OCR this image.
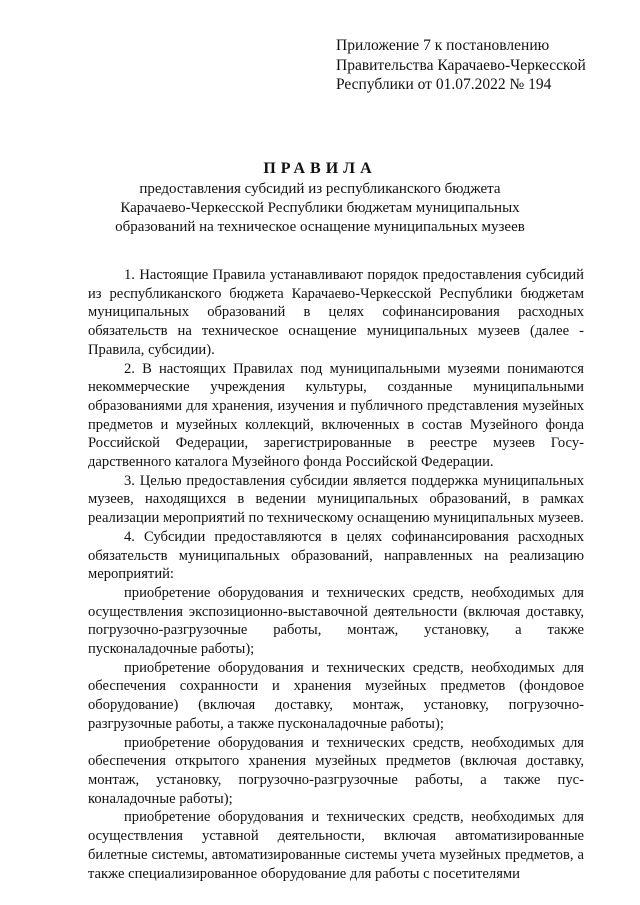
Приложение 7 к постановлению
Правительства Карачаево-Черкесской
Республики от 01.07.2022 № 194
ПРАВИЛА
предоставления субсидий из республиканского бюджета
Карачаево-Черкесской Республики бюджетам муниципальных
образований на техническое оснащение муниципальных музеев

1. Настоящие Правила устанавливают порядок предоставления субсидий из республиканского бюджета Карачаево-Черкесской Республики бюджетам муниципальных образований в целях софинансирования расходных обязательств на техническое оснащение муниципальных музеев (далее - Правила, субсидии).

2. В настоящих Правилах под муниципальными музеями понимаются некоммерческие учреждения культуры, созданные муниципальными образованиями для хранения, изучения и публичного представления музейных предметов и музейных коллекций, включенных в состав Музейного фонда Российской Федерации, зарегистрированные в реестре музеев Государственного каталога Музейного фонда Российской Федерации.

3. Целью предоставления субсидии является поддержка муниципальных музеев, находящихся в ведении муниципальных образований, в рамках реализации мероприятий по техническому оснащению муниципальных музеев.

4. Субсидии предоставляются в целях софинансирования расходных обязательств муниципальных образований, направленных на реализацию мероприятий:

приобретение оборудования и технических средств, необходимых для осуществления экспозиционно-выставочной деятельности (включая доставку, погрузочно-разгрузочные работы, монтаж, установку, а также пусконаладочные работы);

приобретение оборудования и технических средств, необходимых для обеспечения сохранности и хранения музейных предметов (фондовое оборудование) (включая доставку, монтаж, установку, погрузочно-разгрузочные работы, а также пусконаладочные работы);

приобретение оборудования и технических средств, необходимых для обеспечения открытого хранения музейных предметов (включая доставку, монтаж, установку, погрузочно-разгрузочные работы, а также пусконаладочные работы);

приобретение оборудования и технических средств, необходимых для осуществления уставной деятельности, включая автоматизированные билетные системы, автоматизированные системы учета музейных предметов, а также специализированное оборудование для работы с посетителями
